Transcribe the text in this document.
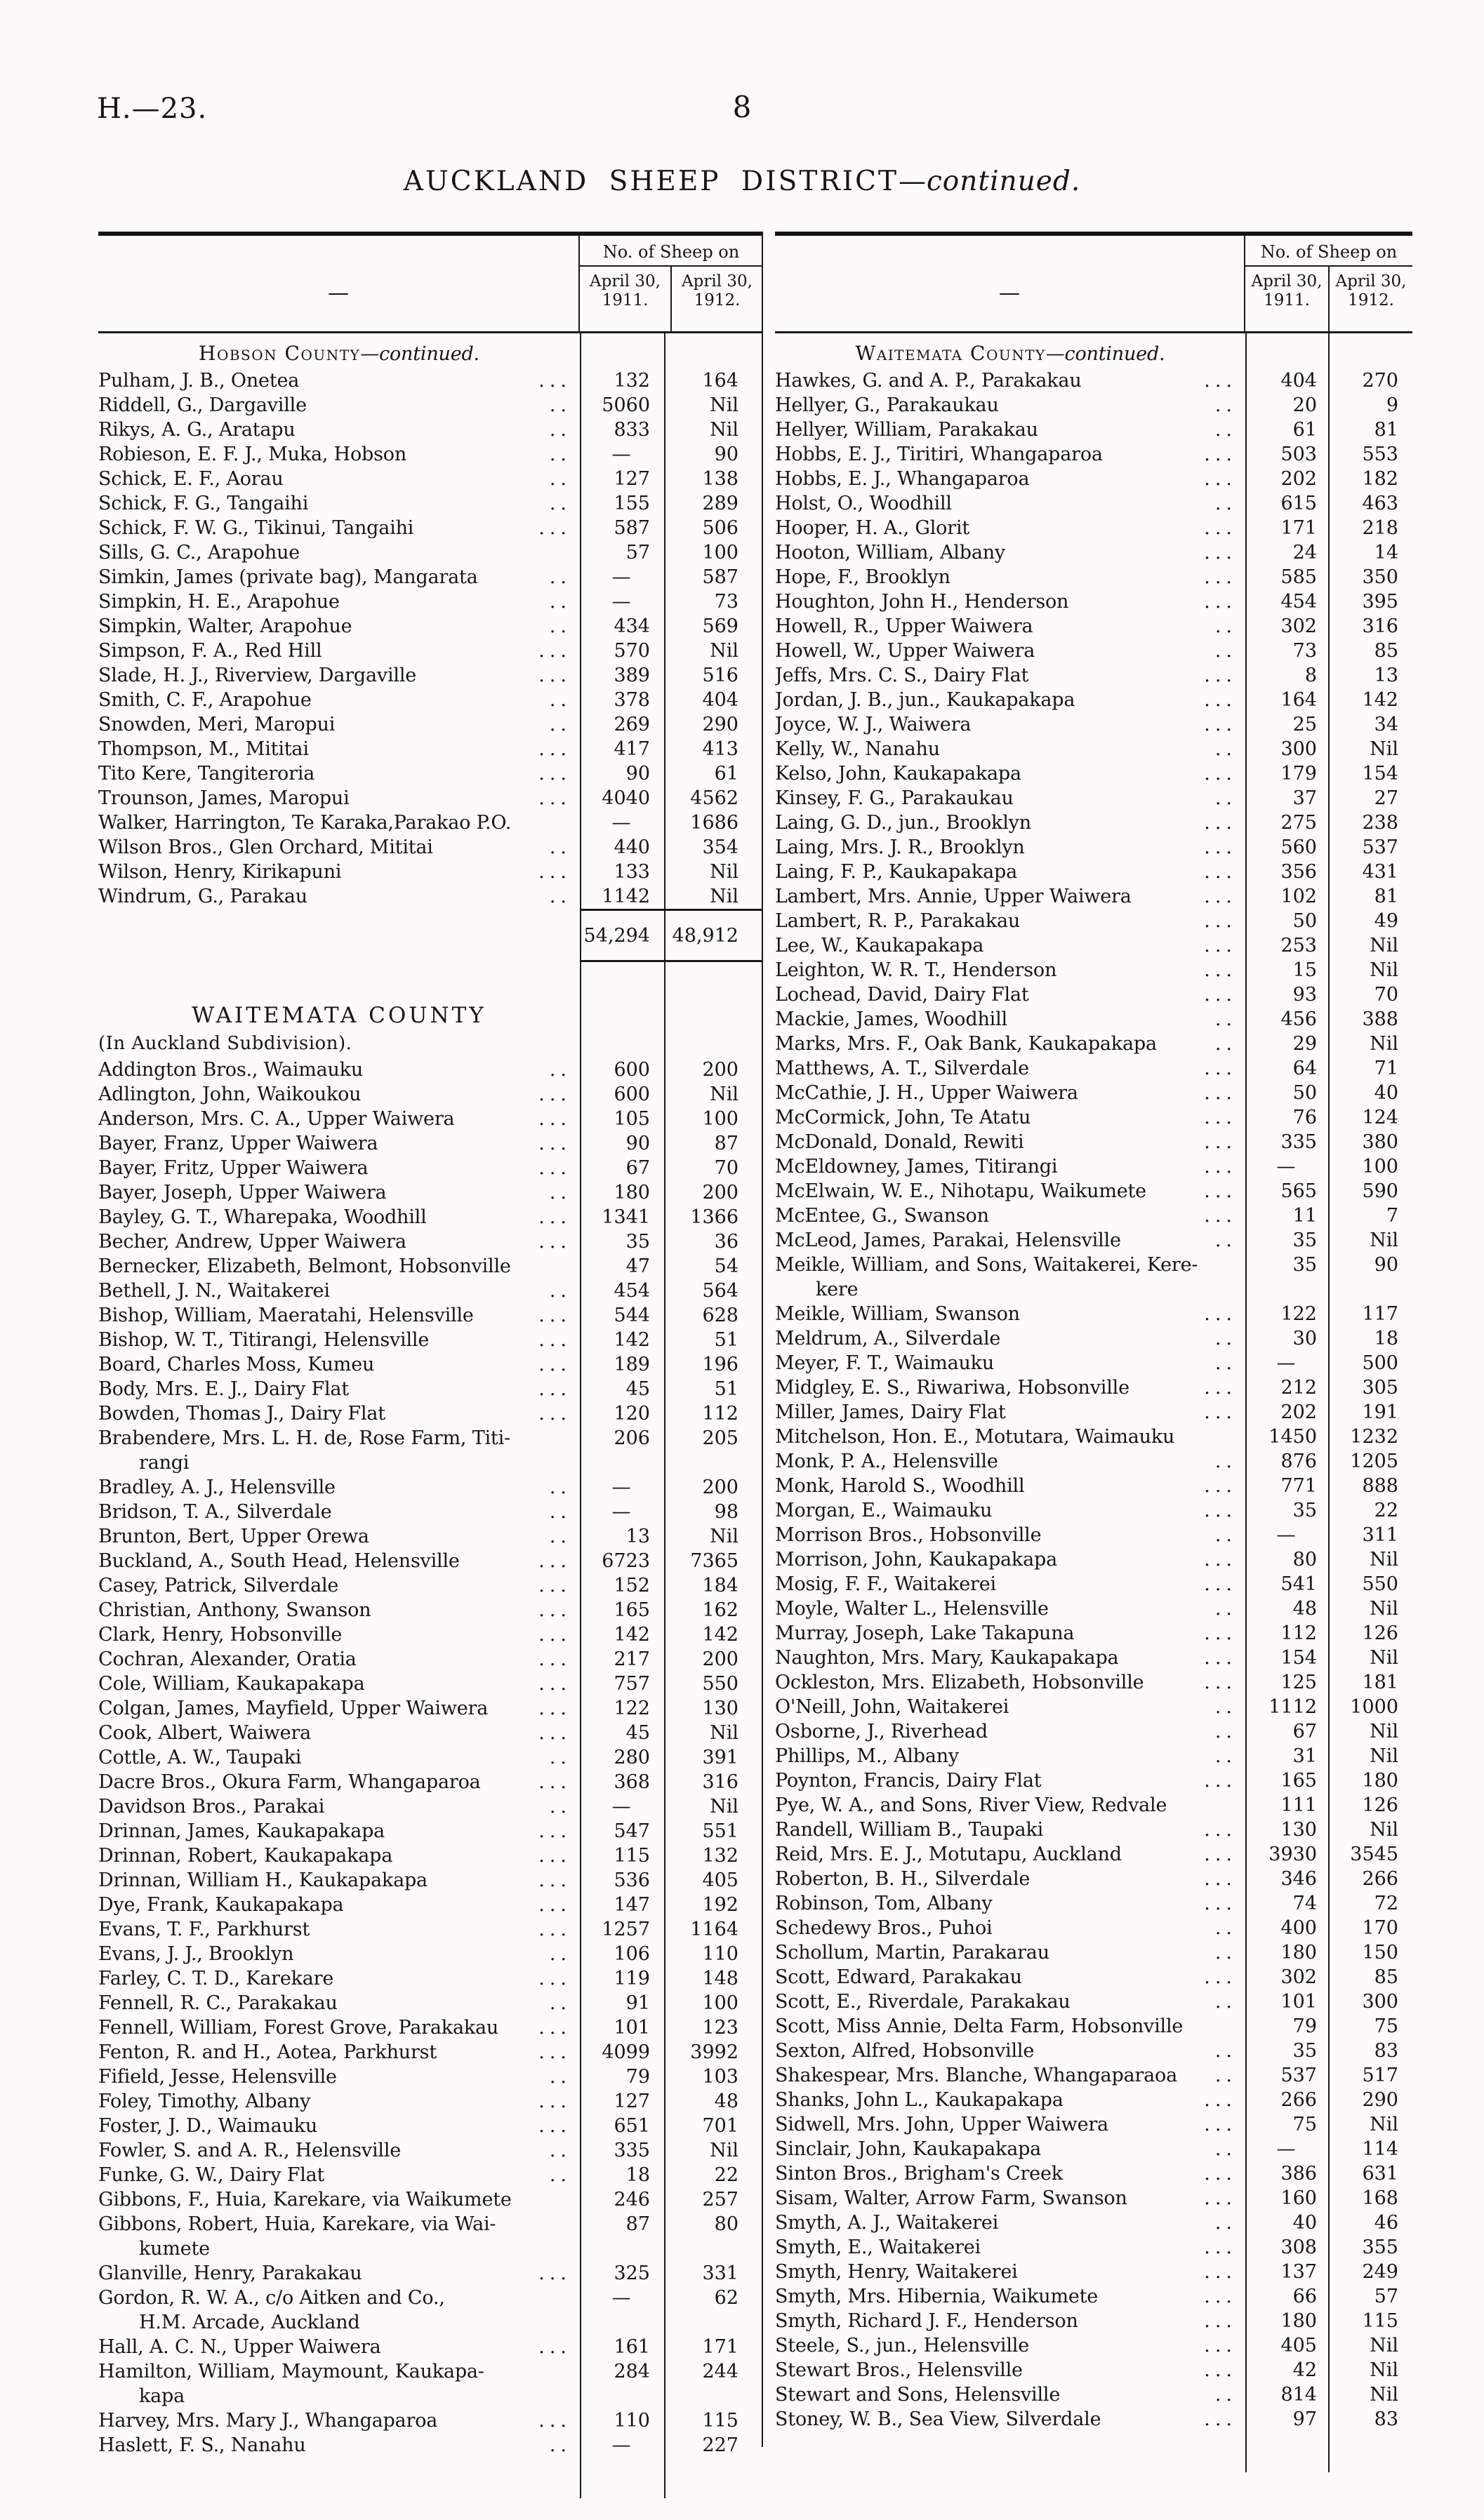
H.—23.	8
AUCKLAND SHEEP DISTRICT—continued.
—
No. of Sheep on
April 30,
1911.
April 30,
1912.
Hobson County—continued.
Pulham, J. B., Onetea	...	132	164
Riddell, G., Dargaville	..	5060	Nil
Rikys, A. G., Aratapu	..	833	Nil
Robieson, E. F. J., Muka, Hobson	..	—	90
Schick, E. F., Aorau	..	127	138
Schick, F. G., Tangaihi	..	155	289
Schick, F. W. G., Tikinui, Tangaihi	...	587	506
Sills, G. C., Arapohue	57	100
Simkin, James (private bag), Mangarata	..	—	587
Simpkin, H. E., Arapohue	..	—	73
Simpkin, Walter, Arapohue	..	434	569
Simpson, F. A., Red Hill	...	570	Nil
Slade, H. J., Riverview, Dargaville	...	389	516
Smith, C. F., Arapohue	..	378	404
Snowden, Meri, Maropui	..	269	290
Thompson, M., Mititai	...	417	413
Tito Kere, Tangiteroria	...	90	61
Trounson, James, Maropui	...	4040	4562
Walker, Harrington, Te Karaka,Parakao P.O.	—	1686
Wilson Bros., Glen Orchard, Mititai	..	440	354
Wilson, Henry, Kirikapuni	...	133	Nil
Windrum, G., Parakau	..	1142	Nil
54,294	48,912
WAITEMATA COUNTY
(In Auckland Subdivision).
Addington Bros., Waimauku	..	600	200
Adlington, John, Waikoukou	...	600	Nil
Anderson, Mrs. C. A., Upper Waiwera	...	105	100
Bayer, Franz, Upper Waiwera	...	90	87
Bayer, Fritz, Upper Waiwera	...	67	70
Bayer, Joseph, Upper Waiwera	..	180	200
Bayley, G. T., Wharepaka, Woodhill	...	1341	1366
Becher, Andrew, Upper Waiwera	...	35	36
Bernecker, Elizabeth, Belmont, Hobsonville	47	54
Bethell, J. N., Waitakerei	..	454	564
Bishop, William, Maeratahi, Helensville	...	544	628
Bishop, W. T., Titirangi, Helensville	...	142	51
Board, Charles Moss, Kumeu	...	189	196
Body, Mrs. E. J., Dairy Flat	...	45	51
Bowden, Thomas J., Dairy Flat	...	120	112
Brabendere, Mrs. L. H. de, Rose Farm, Titi-
rangi
206	205
Bradley, A. J., Helensville	..	—	200
Bridson, T. A., Silverdale	..	—	98
Brunton, Bert, Upper Orewa	..	13	Nil
Buckland, A., South Head, Helensville	...	6723	7365
Casey, Patrick, Silverdale	...	152	184
Christian, Anthony, Swanson	...	165	162
Clark, Henry, Hobsonville	...	142	142
Cochran, Alexander, Oratia	...	217	200
Cole, William, Kaukapakapa	...	757	550
Colgan, James, Mayfield, Upper Waiwera	...	122	130
Cook, Albert, Waiwera	...	45	Nil
Cottle, A. W., Taupaki	..	280	391
Dacre Bros., Okura Farm, Whangaparoa	...	368	316
Davidson Bros., Parakai	..	—	Nil
Drinnan, James, Kaukapakapa	...	547	551
Drinnan, Robert, Kaukapakapa	...	115	132
Drinnan, William H., Kaukapakapa	...	536	405
Dye, Frank, Kaukapakapa	...	147	192
Evans, T. F., Parkhurst	...	1257	1164
Evans, J. J., Brooklyn	..	106	110
Farley, C. T. D., Karekare	...	119	148
Fennell, R. C., Parakakau	..	91	100
Fennell, William, Forest Grove, Parakakau ...	101	123
Fenton, R. and H., Aotea, Parkhurst	...	4099	3992
Fifield, Jesse, Helensville	..	79	103
Foley, Timothy, Albany	...	127	48
Foster, J. D., Waimauku	...	651	701
Fowler, S. and A. R., Helensville	..	335	Nil
Funke, G. W., Dairy Flat	..	18	22
Gibbons, F., Huia, Karekare, via Waikumete	246	257
Gibbons, Robert, Huia, Karekare, via Wai-
kumete
87	80
Glanville, Henry, Parakakau	...	325	331
Gordon, R. W. A., c/o Aitken and Co.,
H.M. Arcade, Auckland
—	62
Hall, A. C. N., Upper Waiwera	...	161	171
Hamilton, William, Maymount, Kaukapa-
kapa
284	244
Harvey, Mrs. Mary J., Whangaparoa	...	110	115
Haslett, F. S., Nanahu	..	—	227
—
No. of Sheep on
April 30,
1911.
April 30,
1912.
Waitemata County—continued.
Hawkes, G. and A. P., Parakakau	...	404	270
Hellyer, G., Parakaukau	..	20	9
Hellyer, William, Parakakau	..	61	81
Hobbs, E. J., Tiritiri, Whangaparoa	...	503	553
Hobbs, E. J., Whangaparoa	...	202	182
Holst, O., Woodhill	..	615	463
Hooper, H. A., Glorit	...	171	218
Hooton, William, Albany	...	24	14
Hope, F., Brooklyn	...	585	350
Houghton, John H., Henderson	...	454	395
Howell, R., Upper Waiwera	..	302	316
Howell, W., Upper Waiwera	..	73	85
Jeffs, Mrs. C. S., Dairy Flat	...	8	13
Jordan, J. B., jun., Kaukapakapa	...	164	142
Joyce, W. J., Waiwera	...	25	34
Kelly, W., Nanahu	..	300	Nil
Kelso, John, Kaukapakapa	...	179	154
Kinsey, F. G., Parakaukau	..	37	27
Laing, G. D., jun., Brooklyn	...	275	238
Laing, Mrs. J. R., Brooklyn	...	560	537
Laing, F. P., Kaukapakapa	...	356	431
Lambert, Mrs. Annie, Upper Waiwera	...	102	81
Lambert, R. P., Parakakau	...	50	49
Lee, W., Kaukapakapa	...	253	Nil
Leighton, W. R. T., Henderson	...	15	Nil
Lochead, David, Dairy Flat	...	93	70
Mackie, James, Woodhill	..	456	388
Marks, Mrs. F., Oak Bank, Kaukapakapa	..	29	Nil
Matthews, A. T., Silverdale	...	64	71
McCathie, J. H., Upper Waiwera	...	50	40
McCormick, John, Te Atatu	...	76	124
McDonald, Donald, Rewiti	...	335	380
McEldowney, James, Titirangi	...	—	100
McElwain, W. E., Nihotapu, Waikumete	...	565	590
McEntee, G., Swanson	...	11	7
McLeod, James, Parakai, Helensville	..	35	Nil
Meikle, William, and Sons, Waitakerei, Kere-
kere
35	90
Meikle, William, Swanson	...	122	117
Meldrum, A., Silverdale	..	30	18
Meyer, F. T., Waimauku	..	—	500
Midgley, E. S., Riwariwa, Hobsonville	...	212	305
Miller, James, Dairy Flat	...	202	191
Mitchelson, Hon. E., Motutara, Waimauku	1450	1232
Monk, P. A., Helensville	..	876	1205
Monk, Harold S., Woodhill	...	771	888
Morgan, E., Waimauku	...	35	22
Morrison Bros., Hobsonville	..	—	311
Morrison, John, Kaukapakapa	...	80	Nil
Mosig, F. F., Waitakerei	...	541	550
Moyle, Walter L., Helensville	..	48	Nil
Murray, Joseph, Lake Takapuna	...	112	126
Naughton, Mrs. Mary, Kaukapakapa	...	154	Nil
Ockleston, Mrs. Elizabeth, Hobsonville	...	125	181
O'Neill, John, Waitakerei	..	1112	1000
Osborne, J., Riverhead	..	67	Nil
Phillips, M., Albany	..	31	Nil
Poynton, Francis, Dairy Flat	...	165	180
Pye, W. A., and Sons, River View, Redvale	111	126
Randell, William B., Taupaki	...	130	Nil
Reid, Mrs. E. J., Motutapu, Auckland	...	3930	3545
Roberton, B. H., Silverdale	...	346	266
Robinson, Tom, Albany	...	74	72
Schedewy Bros., Puhoi	..	400	170
Schollum, Martin, Parakarau	..	180	150
Scott, Edward, Parakakau	...	302	85
Scott, E., Riverdale, Parakakau	..	101	300
Scott, Miss Annie, Delta Farm, Hobsonville	79	75
Sexton, Alfred, Hobsonville	..	35	83
Shakespear, Mrs. Blanche, Whangaparaoa ..	537	517
Shanks, John L., Kaukapakapa	...	266	290
Sidwell, Mrs. John, Upper Waiwera	...	75	Nil
Sinclair, John, Kaukapakapa	..	—	114
Sinton Bros., Brigham's Creek	...	386	631
Sisam, Walter, Arrow Farm, Swanson	...	160	168
Smyth, A. J., Waitakerei	..	40	46
Smyth, E., Waitakerei	...	308	355
Smyth, Henry, Waitakerei	...	137	249
Smyth, Mrs. Hibernia, Waikumete	...	66	57
Smyth, Richard J. F., Henderson	...	180	115
Steele, S., jun., Helensville	...	405	Nil
Stewart Bros., Helensville	...	42	Nil
Stewart and Sons, Helensville	..	814	Nil
Stoney, W. B., Sea View, Silverdale	...	97	83
